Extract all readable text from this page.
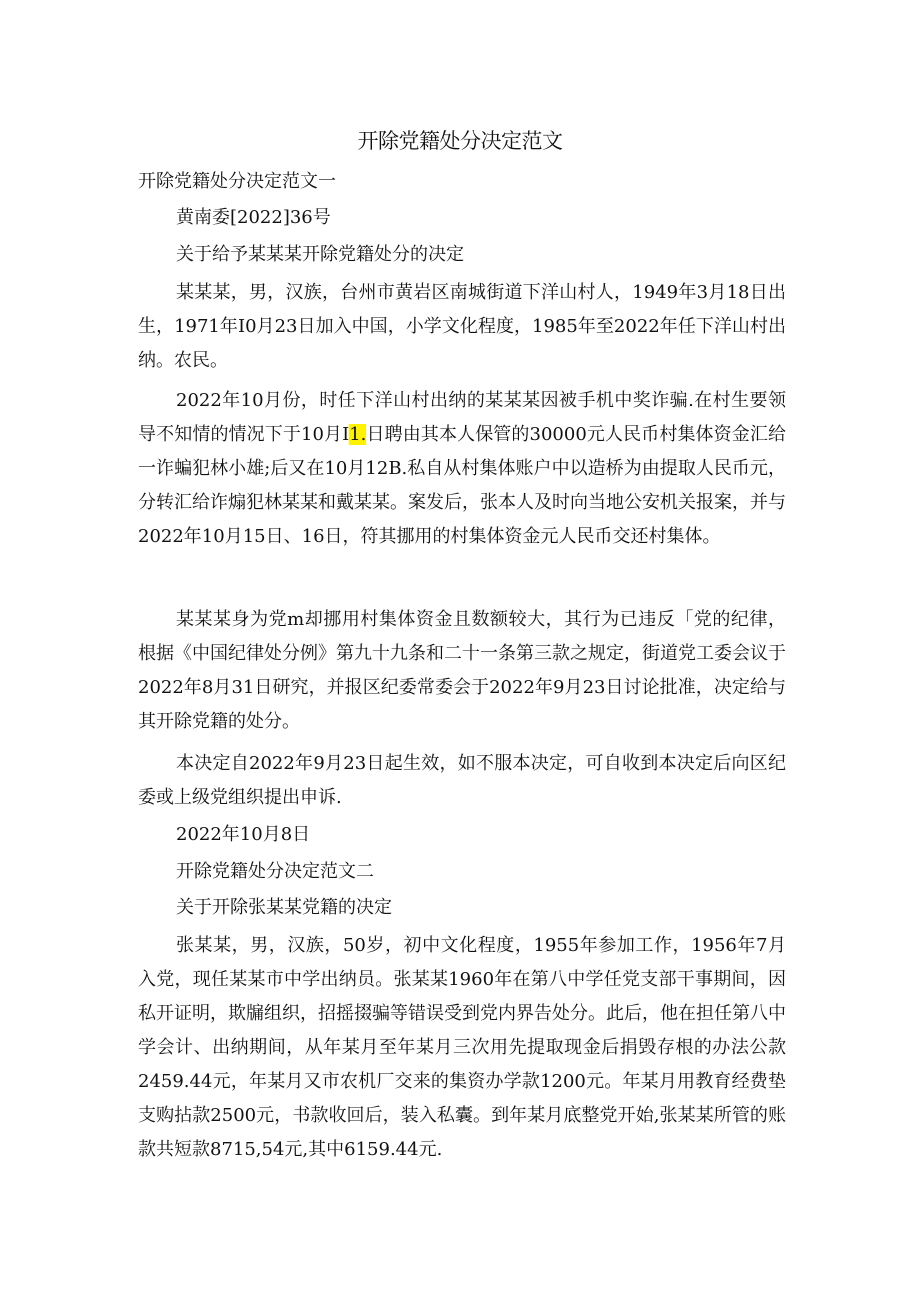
开除党籍处分决定范文

开除党籍处分决定范文一

黄南委[2022]36号

关于给予某某某开除党籍处分的决定

某某某，男，汉族，台州市黄岩区南城街道下洋山村人，1949年3月18日出生，1971年I0月23日加入中国，小学文化程度，1985年至2022年任下洋山村出纳。农民。

2022年10月份，时任下洋山村出纳的某某某因被手机中奖诈骗.在村生要领导不知情的情况下于10月I1.日聘由其本人保管的30000元人民币村集体资金汇给一诈蝙犯林小雄;后又在10月12B.私自从村集体账户中以造桥为由提取人民币元，分转汇给诈煽犯林某某和戴某某。案发后，张本人及时向当地公安机关报案，并与2022年10月15日、16日，符其挪用的村集体资金元人民币交还村集体。

某某某身为党m却挪用村集体资金且数额较大，其行为已违反「党的纪律，根据《中国纪律处分例》第九十九条和二十一条第三款之规定，街道党工委会议于2022年8月31日研究，并报区纪委常委会于2022年9月23日讨论批准，决定给与其开除党籍的处分。

本决定自2022年9月23日起生效，如不服本决定，可自收到本决定后向区纪委或上级党组织提出申诉.

2022年10月8日

开除党籍处分决定范文二

关于开除张某某党籍的决定

张某某，男，汉族，50岁，初中文化程度，1955年参加工作，1956年7月入党，现任某某市中学出纳员。张某某1960年在第八中学任党支部干事期间，因私开证明，欺牖组织，招摇掇骗等错误受到党内界告处分。此后，他在担任第八中学会计、出纳期间，从年某月至年某月三次用先提取现金后捐毁存根的办法公款2459.44元，年某月又市农机厂交来的集资办学款1200元。年某月用教育经费垫支购拈款2500元，书款收回后，装入私囊。到年某月底整党开始,张某某所管的账款共短款8715,54元,其中6159.44元.
